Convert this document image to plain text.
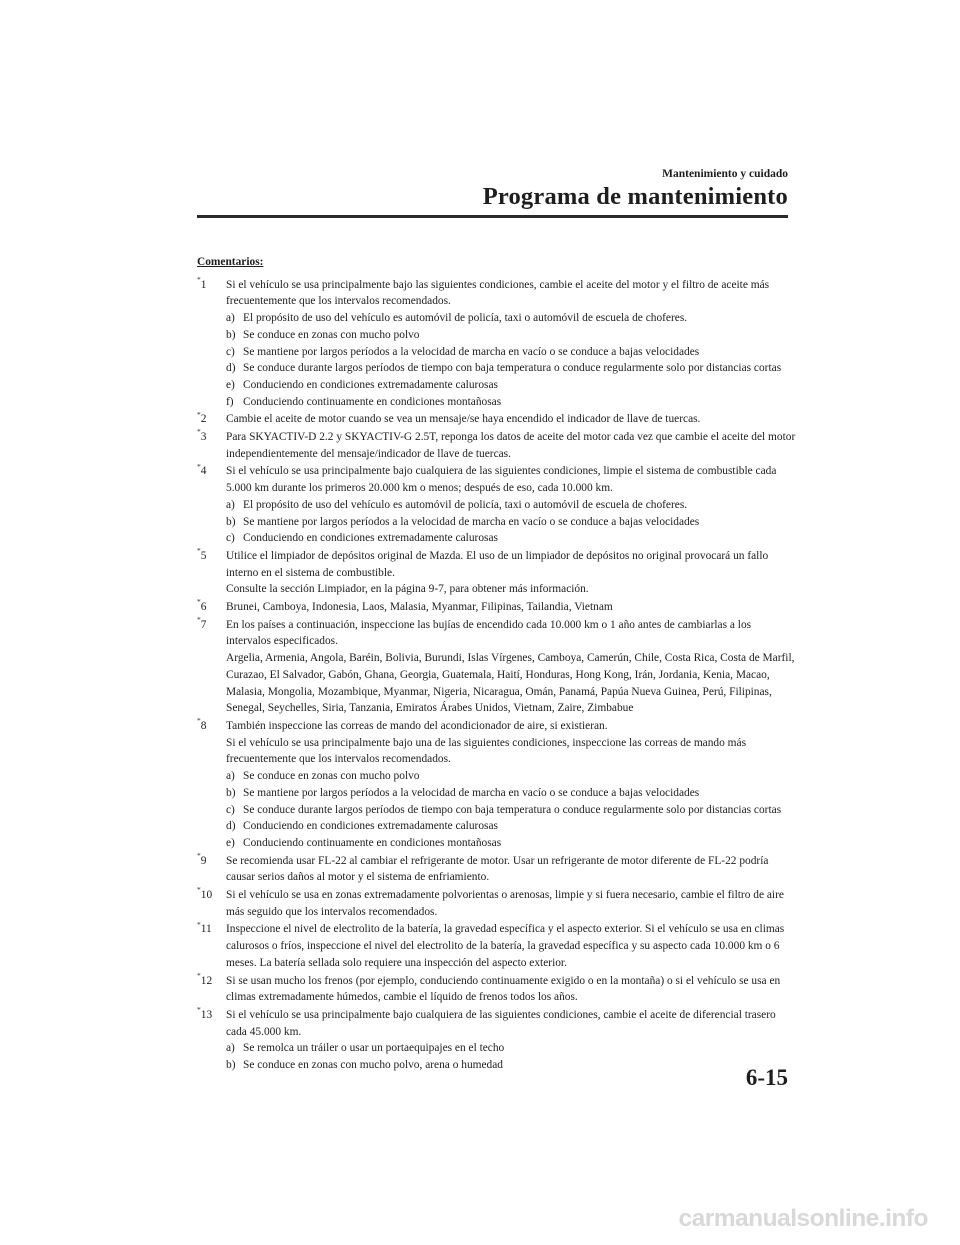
Mantenimiento y cuidado
Programa de mantenimiento
Comentarios:
*1	Si el vehículo se usa principalmente bajo las siguientes condiciones, cambie el aceite del motor y el filtro de aceite más frecuentemente que los intervalos recomendados.
a) El propósito de uso del vehículo es automóvil de policía, taxi o automóvil de escuela de choferes.
b) Se conduce en zonas con mucho polvo
c) Se mantiene por largos períodos a la velocidad de marcha en vacío o se conduce a bajas velocidades
d) Se conduce durante largos períodos de tiempo con baja temperatura o conduce regularmente solo por distancias cortas
e) Conduciendo en condiciones extremadamente calurosas
f) Conduciendo continuamente en condiciones montañosas
*2	Cambie el aceite de motor cuando se vea un mensaje/se haya encendido el indicador de llave de tuercas.
*3	Para SKYACTIV-D 2.2 y SKYACTIV-G 2.5T, reponga los datos de aceite del motor cada vez que cambie el aceite del motor independientemente del mensaje/indicador de llave de tuercas.
*4	Si el vehículo se usa principalmente bajo cualquiera de las siguientes condiciones, limpie el sistema de combustible cada 5.000 km durante los primeros 20.000 km o menos; después de eso, cada 10.000 km.
a) El propósito de uso del vehículo es automóvil de policía, taxi o automóvil de escuela de choferes.
b) Se mantiene por largos períodos a la velocidad de marcha en vacío o se conduce a bajas velocidades
c) Conduciendo en condiciones extremadamente calurosas
*5	Utilice el limpiador de depósitos original de Mazda. El uso de un limpiador de depósitos no original provocará un fallo interno en el sistema de combustible.
Consulte la sección Limpiador, en la página 9-7, para obtener más información.
*6	Brunei, Camboya, Indonesia, Laos, Malasia, Myanmar, Filipinas, Tailandia, Vietnam
*7	En los países a continuación, inspeccione las bujías de encendido cada 10.000 km o 1 año antes de cambiarlas a los intervalos especificados.
Argelia, Armenia, Angola, Baréin, Bolivia, Burundi, Islas Vírgenes, Camboya, Camerún, Chile, Costa Rica, Costa de Marfil, Curazao, El Salvador, Gabón, Ghana, Georgia, Guatemala, Haití, Honduras, Hong Kong, Irán, Jordania, Kenia, Macao, Malasia, Mongolia, Mozambique, Myanmar, Nigeria, Nicaragua, Omán, Panamá, Papúa Nueva Guinea, Perú, Filipinas, Senegal, Seychelles, Siria, Tanzania, Emiratos Árabes Unidos, Vietnam, Zaire, Zimbabue
*8	También inspeccione las correas de mando del acondicionador de aire, si existieran.
Si el vehículo se usa principalmente bajo una de las siguientes condiciones, inspeccione las correas de mando más frecuentemente que los intervalos recomendados.
a) Se conduce en zonas con mucho polvo
b) Se mantiene por largos períodos a la velocidad de marcha en vacío o se conduce a bajas velocidades
c) Se conduce durante largos períodos de tiempo con baja temperatura o conduce regularmente solo por distancias cortas
d) Conduciendo en condiciones extremadamente calurosas
e) Conduciendo continuamente en condiciones montañosas
*9	Se recomienda usar FL-22 al cambiar el refrigerante de motor. Usar un refrigerante de motor diferente de FL-22 podría causar serios daños al motor y el sistema de enfriamiento.
*10	Si el vehículo se usa en zonas extremadamente polvorientas o arenosas, limpie y si fuera necesario, cambie el filtro de aire más seguido que los intervalos recomendados.
*11	Inspeccione el nivel de electrolito de la batería, la gravedad específica y el aspecto exterior. Si el vehículo se usa en climas calurosos o fríos, inspeccione el nivel del electrolito de la batería, la gravedad específica y su aspecto cada 10.000 km o 6 meses. La batería sellada solo requiere una inspección del aspecto exterior.
*12	Si se usan mucho los frenos (por ejemplo, conduciendo continuamente exigido o en la montaña) o si el vehículo se usa en climas extremadamente húmedos, cambie el líquido de frenos todos los años.
*13	Si el vehículo se usa principalmente bajo cualquiera de las siguientes condiciones, cambie el aceite de diferencial trasero cada 45.000 km.
a) Se remolca un tráiler o usar un portaequipajes en el techo
b) Se conduce en zonas con mucho polvo, arena o humedad	6-15
carmanualsonline.info
